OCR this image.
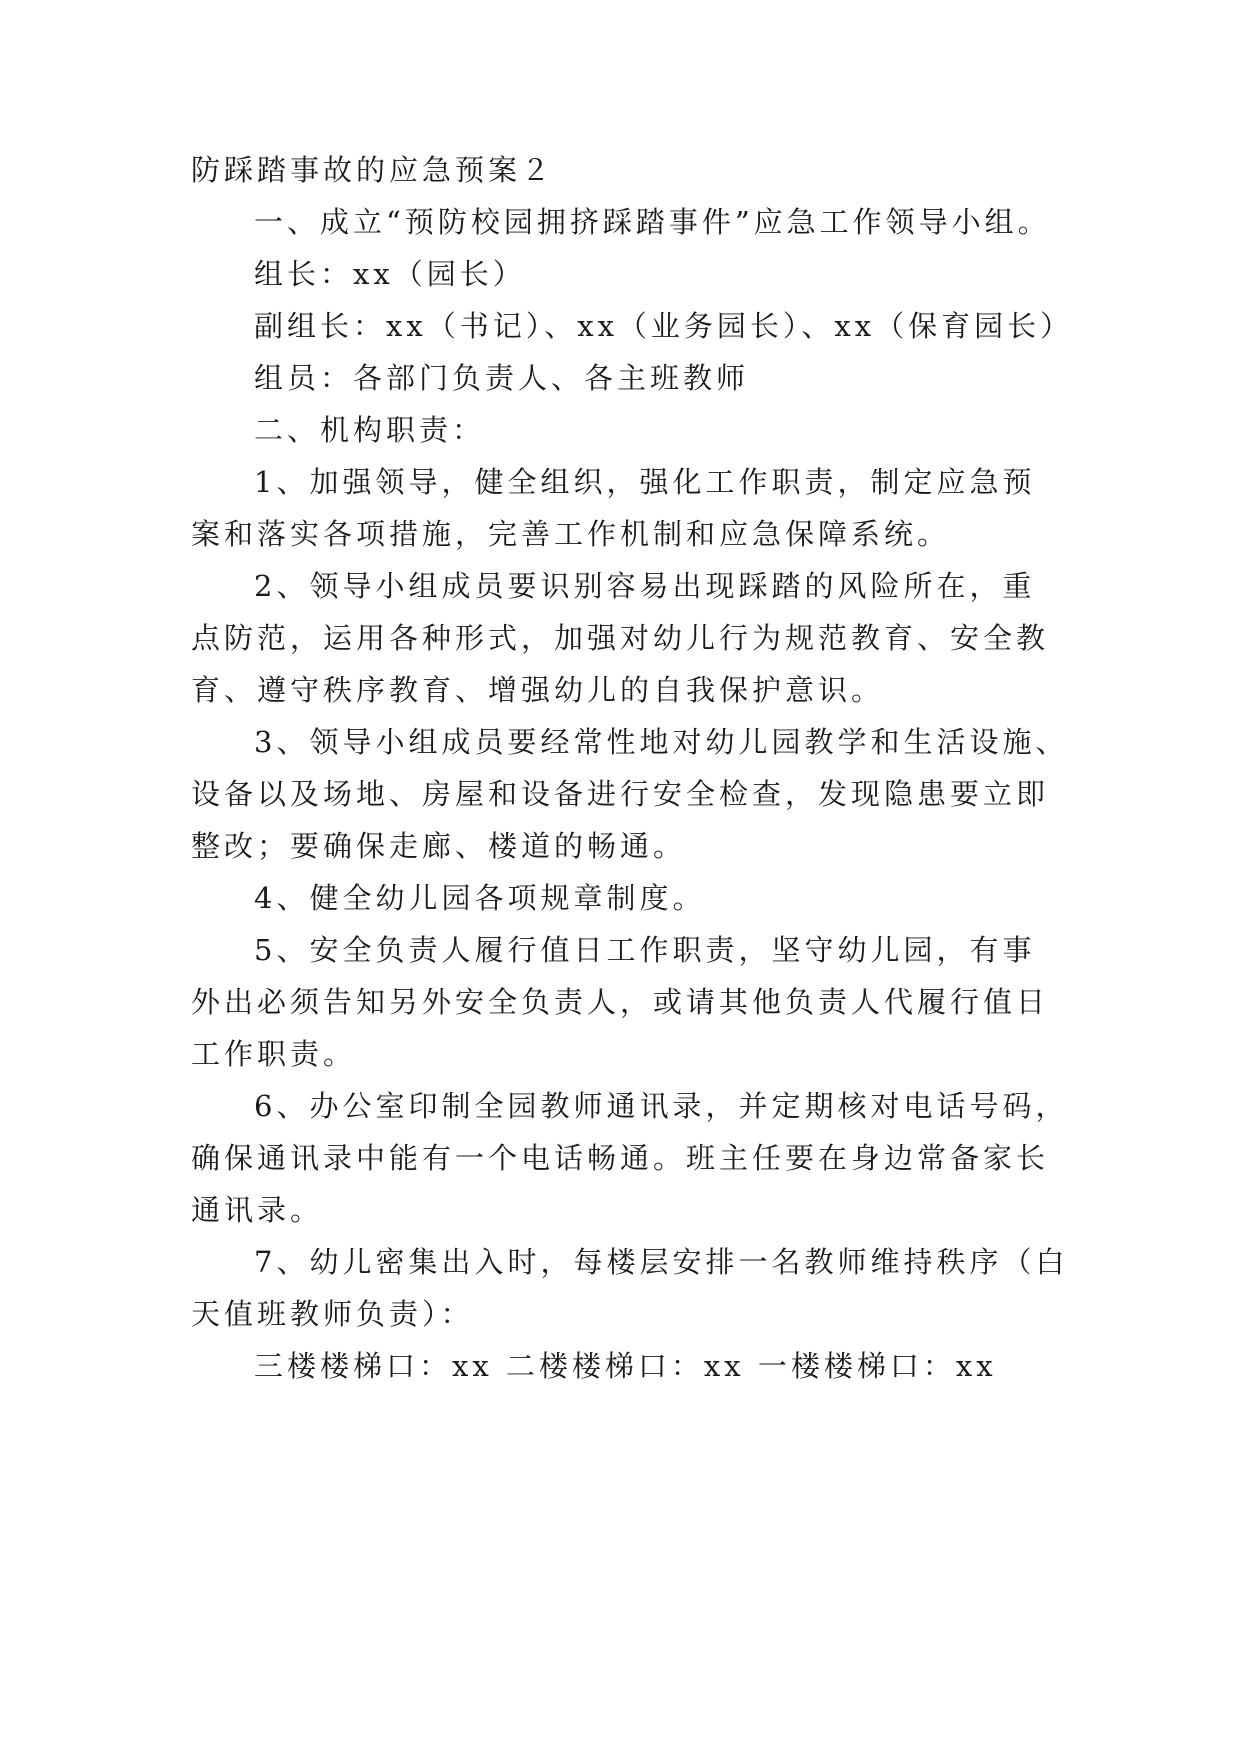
防踩踏事故的应急预案２
一、成立“预防校园拥挤踩踏事件”应急工作领导小组。
组长：xx（园长）
副组长：xx（书记）、xx（业务园长）、xx（保育园长）
组员：各部门负责人、各主班教师
二、机构职责：
1、加强领导，健全组织，强化工作职责，制定应急预
案和落实各项措施，完善工作机制和应急保障系统。
2、领导小组成员要识别容易出现踩踏的风险所在，重
点防范，运用各种形式，加强对幼儿行为规范教育、安全教
育、遵守秩序教育、增强幼儿的自我保护意识。
3、领导小组成员要经常性地对幼儿园教学和生活设施、
设备以及场地、房屋和设备进行安全检查，发现隐患要立即
整改；要确保走廊、楼道的畅通。
4、健全幼儿园各项规章制度。
5、安全负责人履行值日工作职责，坚守幼儿园，有事
外出必须告知另外安全负责人，或请其他负责人代履行值日
工作职责。
6、办公室印制全园教师通讯录，并定期核对电话号码，
确保通讯录中能有一个电话畅通。班主任要在身边常备家长
通讯录。
7、幼儿密集出入时，每楼层安排一名教师维持秩序（白
天值班教师负责）：
三楼楼梯口：xx 二楼楼梯口：xx 一楼楼梯口：xx
